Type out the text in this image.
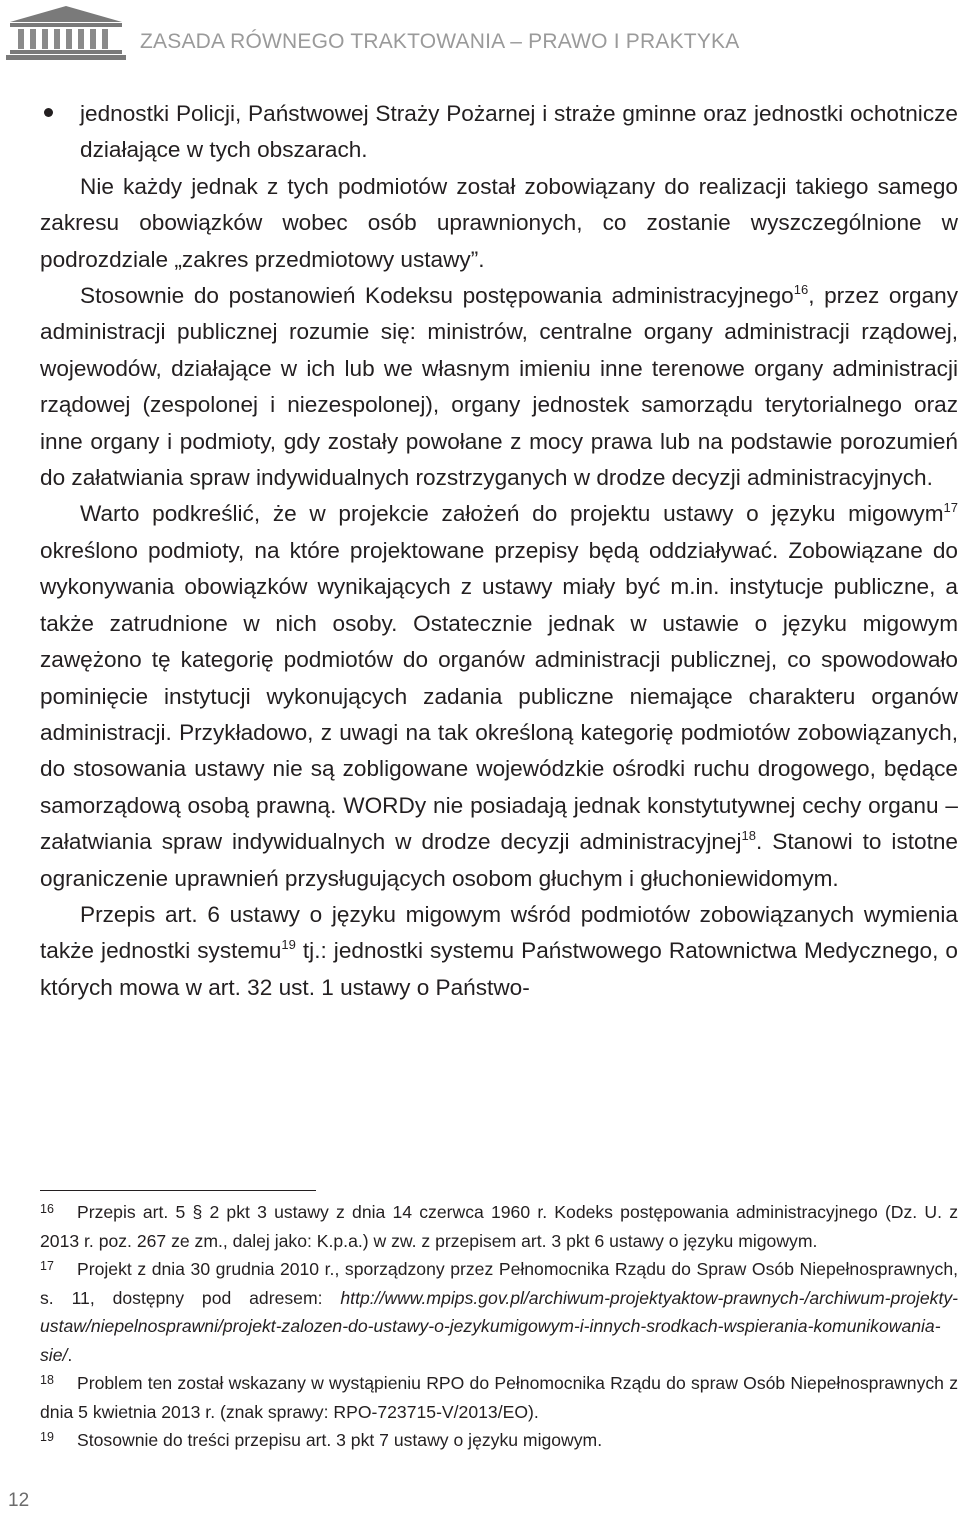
ZASADA RÓWNEGO TRAKTOWANIA – PRAWO I PRAKTYKA

jednostki Policji, Państwowej Straży Pożarnej i straże gminne oraz jednostki ochotnicze działające w tych obszarach.

Nie każdy jednak z tych podmiotów został zobowiązany do realizacji takiego samego zakresu obowiązków wobec osób uprawnionych, co zostanie wyszczególnione w podrozdziale „zakres przedmiotowy ustawy”.

Stosownie do postanowień Kodeksu postępowania administracyjnego$^{16}$, przez organy administracji publicznej rozumie się: ministrów, centralne organy administracji rządowej, wojewodów, działające w ich lub we własnym imieniu inne terenowe organy administracji rządowej (zespolonej i niezespolonej), organy jednostek samorządu terytorialnego oraz inne organy i podmioty, gdy zostały powołane z mocy prawa lub na podstawie porozumień do załatwiania spraw indywidualnych rozstrzyganych w drodze decyzji administracyjnych.

Warto podkreślić, że w projekcie założeń do projektu ustawy o języku migowym$^{17}$ określono podmioty, na które projektowane przepisy będą oddziaływać. Zobowiązane do wykonywania obowiązków wynikających z ustawy miały być m.in. instytucje publiczne, a także zatrudnione w nich osoby. Ostatecznie jednak w ustawie o języku migowym zawężono tę kategorię podmiotów do organów administracji publicznej, co spowodowało pominięcie instytucji wykonujących zadania publiczne niemające charakteru organów administracji. Przykładowo, z uwagi na tak określoną kategorię podmiotów zobowiązanych, do stosowania ustawy nie są zobligowane wojewódzkie ośrodki ruchu drogowego, będące samorządową osobą prawną. WORDy nie posiadają jednak konstytutywnej cechy organu – załatwiania spraw indywidualnych w drodze decyzji administracyjnej$^{18}$. Stanowi to istotne ograniczenie uprawnień przysługujących osobom głuchym i głuchoniewidomym.

Przepis art. 6 ustawy o języku migowym wśród podmiotów zobowiązanych wymienia także jednostki systemu$^{19}$ tj.: jednostki systemu Państwowego Ratownictwa Medycznego, o których mowa w art. 32 ust. 1 ustawy o Państwo-

16 Przepis art. 5 § 2 pkt 3 ustawy z dnia 14 czerwca 1960 r. Kodeks postępowania administracyjnego (Dz. U. z 2013 r. poz. 267 ze zm., dalej jako: K.p.a.) w zw. z przepisem art. 3 pkt 6 ustawy o języku migowym.
17 Projekt z dnia 30 grudnia 2010 r., sporządzony przez Pełnomocnika Rządu do Spraw Osób Niepełnosprawnych, s. 11, dostępny pod adresem: http://www.mpips.gov.pl/archiwum-projektyaktow-prawnych-/archiwum-projekty-ustaw/niepelnosprawni/projekt-zalozen-do-ustawy-o-jezykumigowym-i-innych-srodkach-wspierania-komunikowania-sie/.
18 Problem ten został wskazany w wystąpieniu RPO do Pełnomocnika Rządu do spraw Osób Niepełnosprawnych z dnia 5 kwietnia 2013 r. (znak sprawy: RPO-723715-V/2013/EO).
19 Stosownie do treści przepisu art. 3 pkt 7 ustawy o języku migowym.
12
